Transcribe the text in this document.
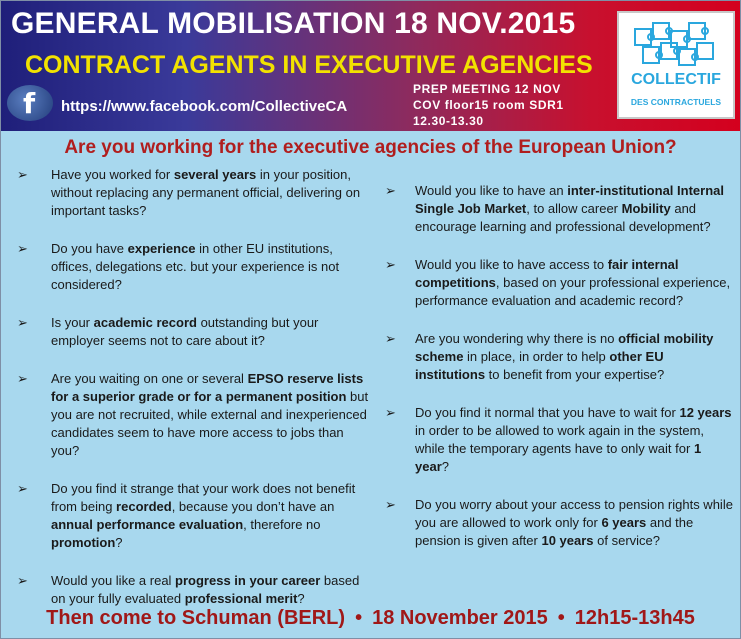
GENERAL MOBILISATION 18 NOV.2015
CONTRACT AGENTS IN EXECUTIVE AGENCIES
f https://www.facebook.com/CollectiveCA
PREP MEETING 12 NOV
COV floor15 room SDR1
12.30-13.30
COLLECTIF
DES CONTRACTUELS
Are you working for the executive agencies of the European Union?
➢ Have you worked for several years in your position, without replacing any permanent official, delivering on important tasks?
➢ Do you have experience in other EU institutions, offices, delegations etc. but your experience is not considered?
➢ Is your academic record outstanding but your employer seems not to care about it?
➢ Are you waiting on one or several EPSO reserve lists for a superior grade or for a permanent position but you are not recruited, while external and inexperienced candidates seem to have more access to jobs than you?
➢ Do you find it strange that your work does not benefit from being recorded, because you don’t have an annual performance evaluation, therefore no promotion?
➢ Would you like a real progress in your career based on your fully evaluated professional merit?
➢ Would you like to have an inter-institutional Internal Single Job Market, to allow career Mobility and encourage learning and professional development?
➢ Would you like to have access to fair internal competitions, based on your professional experience, performance evaluation and academic record?
➢ Are you wondering why there is no official mobility scheme in place, in order to help other EU institutions to benefit from your expertise?
➢ Do you find it normal that you have to wait for 12 years in order to be allowed to work again in the system, while the temporary agents have to only wait for 1 year?
➢ Do you worry about your access to pension rights while you are allowed to work only for 6 years and the pension is given after 10 years of service?
Then come to Schuman (BERL) • 18 November 2015 • 12h15-13h45
